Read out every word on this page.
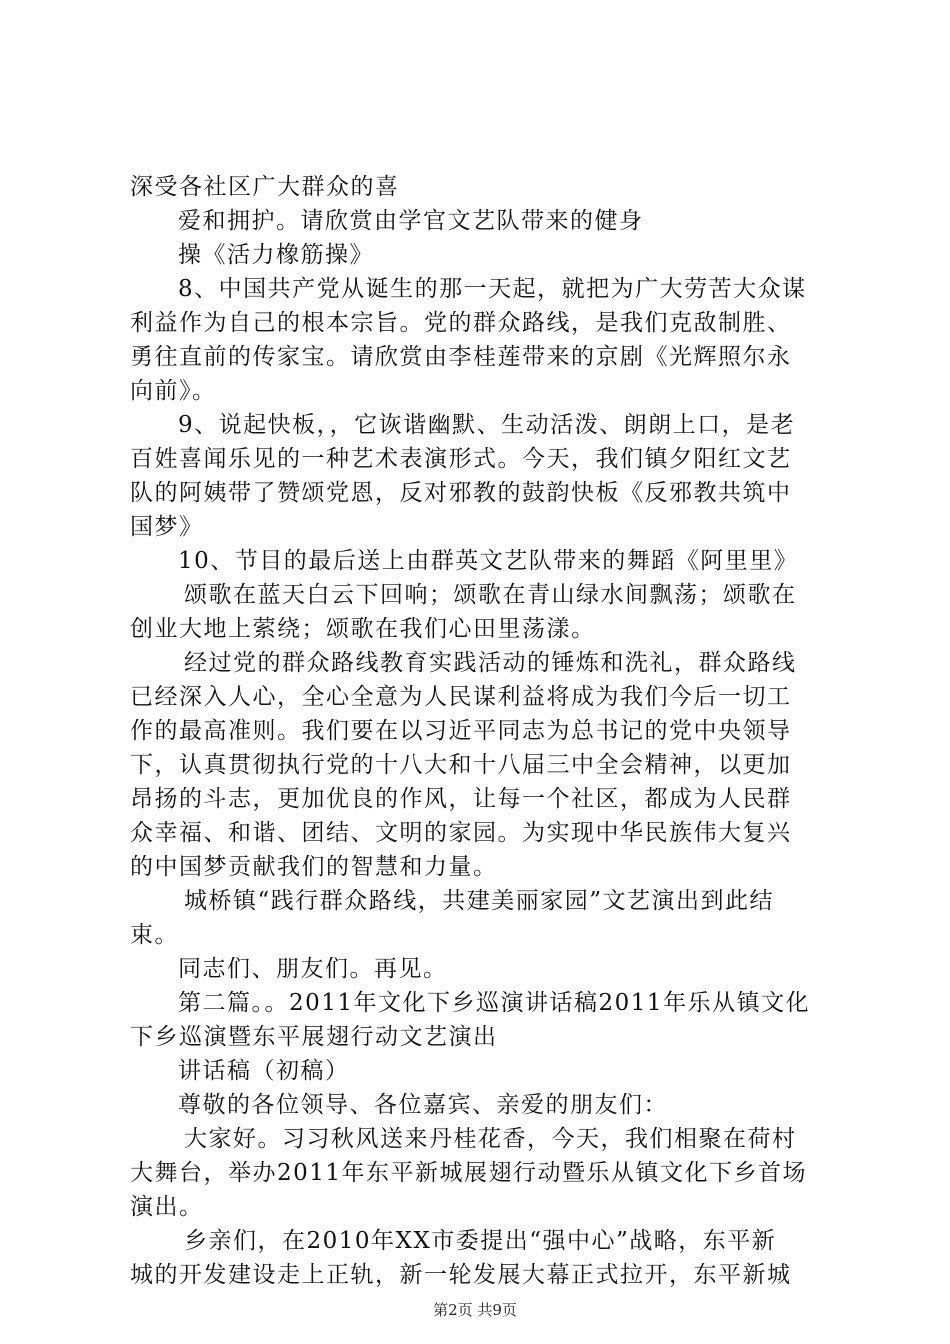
深受各社区广大群众的喜

爱和拥护。请欣赏由学官文艺队带来的健身

操《活力橡筋操》

8、中国共产党从诞生的那一天起，就把为广大劳苦大众谋

利益作为自己的根本宗旨。党的群众路线，是我们克敌制胜、

勇往直前的传家宝。请欣赏由李桂莲带来的京剧《光辉照尔永

向前》。

9、说起快板，，它诙谐幽默、生动活泼、朗朗上口，是老

百姓喜闻乐见的一种艺术表演形式。今天，我们镇夕阳红文艺

队的阿姨带了赞颂党恩，反对邪教的鼓韵快板《反邪教共筑中

国梦》

10、节目的最后送上由群英文艺队带来的舞蹈《阿里里》

颂歌在蓝天白云下回响；颂歌在青山绿水间飘荡；颂歌在

创业大地上萦绕；颂歌在我们心田里荡漾。

经过党的群众路线教育实践活动的锤炼和洗礼，群众路线

已经深入人心，全心全意为人民谋利益将成为我们今后一切工

作的最高准则。我们要在以习近平同志为总书记的党中央领导

下，认真贯彻执行党的十八大和十八届三中全会精神，以更加

昂扬的斗志，更加优良的作风，让每一个社区，都成为人民群

众幸福、和谐、团结、文明的家园。为实现中华民族伟大复兴

的中国梦贡献我们的智慧和力量。

城桥镇“践行群众路线，共建美丽家园”文艺演出到此结

束。

同志们、朋友们。再见。

第二篇。。2011年文化下乡巡演讲话稿2011年乐从镇文化

下乡巡演暨东平展翅行动文艺演出

讲话稿（初稿）

尊敬的各位领导、各位嘉宾、亲爱的朋友们：

大家好。习习秋风送来丹桂花香，今天，我们相聚在荷村

大舞台，举办2011年东平新城展翅行动暨乐从镇文化下乡首场

演出。

乡亲们，在2010年XX市委提出“强中心”战略，东平新

城的开发建设走上正轨，新一轮发展大幕正式拉开，东平新城

第2页 共9页
